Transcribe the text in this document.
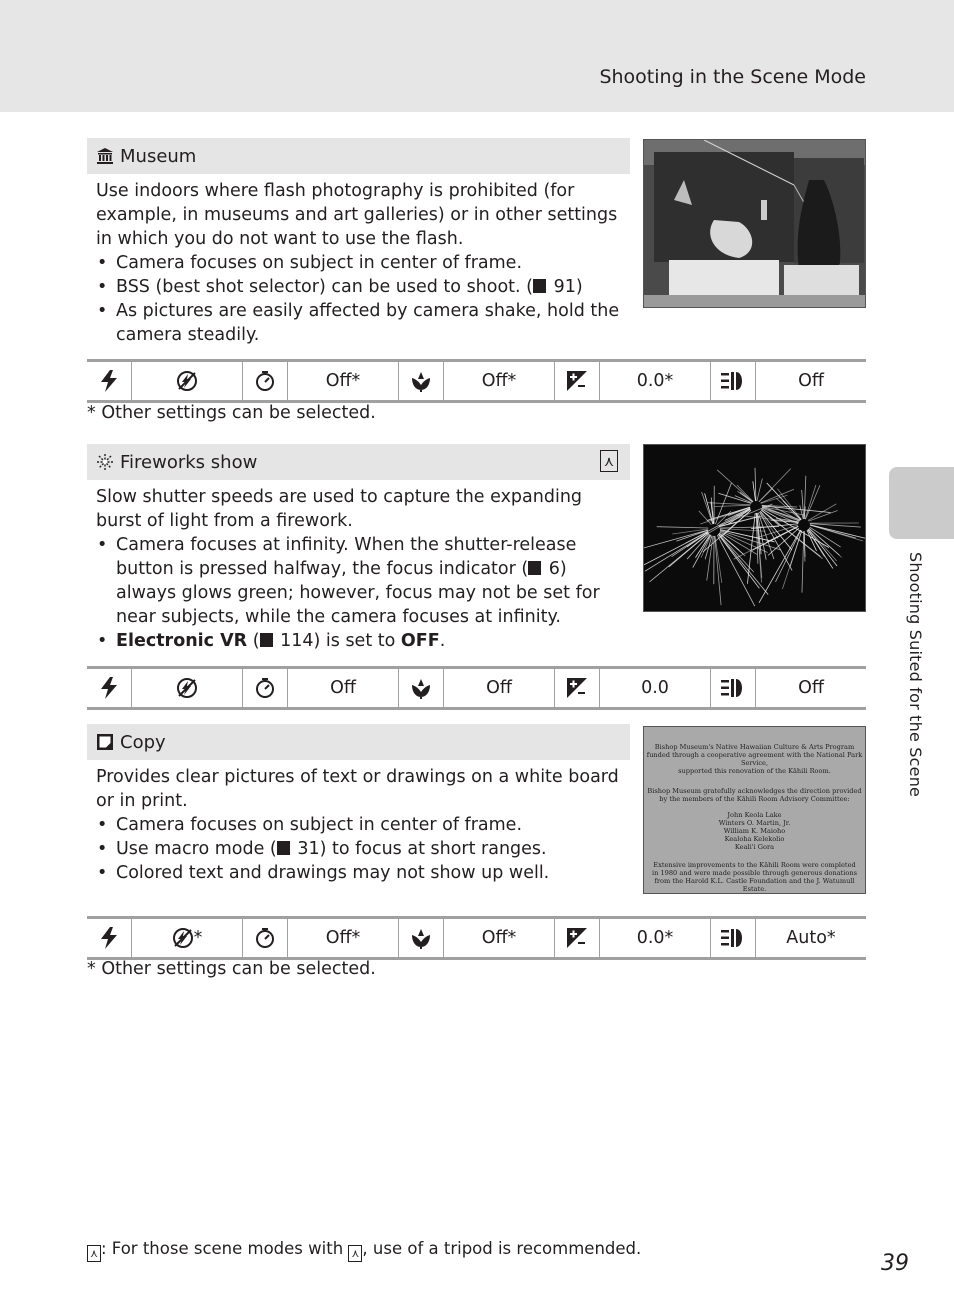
Shooting in the Scene Mode
Shooting Suited for the Scene
Museum
Use indoors where flash photography is prohibited (for example, in museums and art galleries) or in other settings in which you do not want to use the flash.
• Camera focuses on subject in center of frame.
• BSS (best shot selector) can be used to shoot. ( 91)
• As pictures are easily affected by camera shake, hold the camera steadily.
Off*	Off*	0.0*	Off
* Other settings can be selected.
Fireworks show	⋏
Slow shutter speeds are used to capture the expanding burst of light from a firework.
• Camera focuses at infinity. When the shutter-release button is pressed halfway, the focus indicator ( 6) always glows green; however, focus may not be set for near subjects, while the camera focuses at infinity.
• Electronic VR ( 114) is set to OFF.
Off	Off	0.0	Off
Copy
Provides clear pictures of text or drawings on a white board or in print.
• Camera focuses on subject in center of frame.
• Use macro mode ( 31) to focus at short ranges.
• Colored text and drawings may not show up well.
Bishop Museum's Native Hawaiian Culture & Arts Program
funded through a cooperative agreement with the National Park Service,
supported this renovation of the Kāhili Room.
Bishop Museum gratefully acknowledges the direction provided
by the members of the Kāhili Room Advisory Committee:
John Keola Lake
Winters O. Martin, Jr.
William K. Maioho
Kealoha Kelekolio
Keali'i Gora
Extensive improvements to the Kāhili Room were completed
in 1980 and were made possible through generous donations
from the Harold K.L. Castle Foundation and the J. Watumull Estate.
*	Off*	Off*	0.0*	Auto*
* Other settings can be selected.
⋏ : For those scene modes with ⋏ , use of a tripod is recommended.
39
